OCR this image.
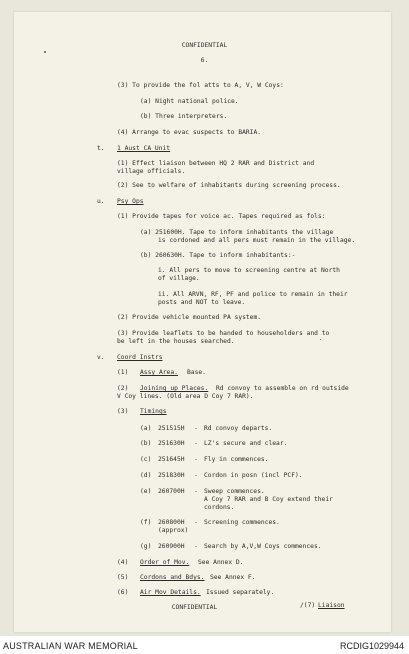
CONFIDENTIAL
6.
(3) To provide the fol atts to A, V, W Coys:
(a) Night national police.
(b) Three interpreters.
(4) Arrange to evac suspects to BARIA.
t. 1 Aust CA Unit
(1) Effect liaison between HQ 2 RAR and District and
village officials.
(2) See to welfare of inhabitants during screening process.
u. Psy Ops
(1) Provide tapes for voice ac. Tapes required as fols:
(a) 251600H. Tape to inform inhabitants the village
is cordoned and all pers must remain in the village.
(b) 260630H. Tape to inform inhabitants:-
i. All pers to move to screening centre at North
of village.
ii. All ARVN, RF, PF and police to remain in their
posts and NOT to leave.
(2) Provide vehicle mounted PA system.
(3) Provide leaflets to be handed to householders and to
be left in the houses searched.
v. Coord Instrs
(1) Assy Area. Base.
(2) Joining up Places. Rd convoy to assemble on rd outside
V Coy lines. (Old area D Coy 7 RAR).
(3) Timings
(a) 251515H - Rd convoy departs.
(b) 251630H - LZ's secure and clear.
(c) 251645H - Fly in commences.
(d) 251830H - Cordon in posn (incl PCF).
(e) 260700H - Sweep commences.
A Coy 7 RAR and B Coy extend their
cordons.
(f) 260800H - Screening commences.
(approx)
(g) 260900H - Search by A,V,W Coys commences.
(4) Order of Mov. See Annex D.
(5) Cordons and Bdys. See Annex F.
(6) Air Mov Details. Issued separately.
CONFIDENTIAL	/(7) Liaison
AUSTRALIAN WAR MEMORIAL	RCDIG1029944
